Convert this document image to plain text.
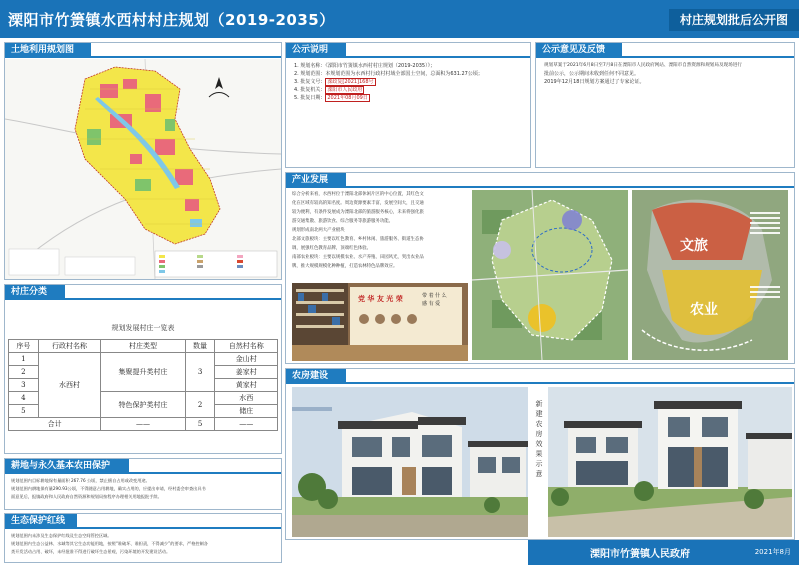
溧阳市竹箦镇水西村村庄规划（2019-2035）	村庄规划批后公开图
土地利用规划图	公示说明
1. 规划名称：《溧阳市竹箦镇水西村村庄规划（2019-2035）》；
2. 规划范围：本规划范围为水西村行政村村域全部国土空间，总面积为631.27公顷；
3. 批复文号： 溧政复[2021]168号
4. 批复机关： 溧阳市人民政府
5. 批复日期： 2021年08月09日
公示意见及反馈
规划草案于2021年6月8日至7月8日在溧阳市人民政府网站、溧阳市自然资源和规划局及现场进行
批前公示，公示期间未收到任何不同意见。
2019年12月18日规划方案通过了专家论证。
产业发展
综合分析来看，水西村位于溧阳北部休闲片区的中心位置，其红色文
化在区域有较高的知名度。周边资源要素丰富，发展空间大，且交通
较为便利，有条件发展成为溧阳北部的旅游服务核心，未来将强化旅
游交通集散、旅游饮食、综合服务等旅游服务功能。
规划形成南北两大产业板块
北部文旅板块：主要以红色教育、乡村休闲、旅游服务、街道生态协
调，展强红色教育品牌，顶端红色体验。
南部农业板块：主要以规模农业、水产养殖、田园风光，突出农业品
牌，推大规模规模化种种植，打造农林特色品牌效应。
党 华 友 光 荣	带 着 什 么
感 有 爱
文旅
农业
村庄分类
规划发展村庄一览表
序号	行政村名称	村庄类型	数量	自然村名称
1	水西村	集聚提升类村庄	3	金山村
2				姜家村
3				黄家村
4		特色保护类村庄	2	水西
5				储庄
合计		——	5	——
耕地与永久基本农田保护
规划范围内目标耕地保有量面积 267.76 公顷，禁止擅自占用或改变用途。
规划范围内耕地保有量290.93公顷，不得随意占用耕地，确实占用的，应提出申请，经村委会审查出具书
面意见后，报镇政府和人民政府自然资源和规划局按程序办理相关用地报批手续。
生态保护红线
规划范围内未涉及生态保护红线及生态空间管控区域。
规划范围内生态公益林、水域等其它生态功能用地，按照“谁破坏、谁担责，不得减少”的要求，严格控制各
类开发活动占用、破坏，未经批准不得进行破坏生态景观，污染环境的开发建设活动。
农房建设
新
建
农
房
效
果
示
意
溧阳市竹箦镇人民政府	2021年8月
